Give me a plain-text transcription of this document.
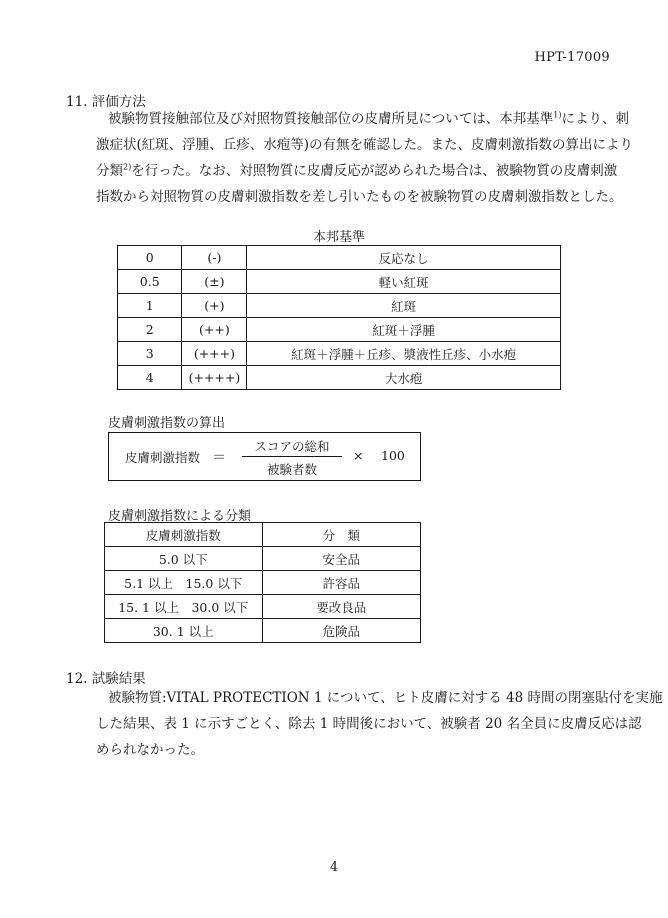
HPT-17009
11. 評価方法
被験物質接触部位及び対照物質接触部位の皮膚所見については、本邦基準$^{1)}$により、刺
激症状(紅斑、浮腫、丘疹、水疱等)の有無を確認した。また、皮膚刺激指数の算出により
分類$^{2)}$を行った。なお、対照物質に皮膚反応が認められた場合は、被験物質の皮膚刺激
指数から対照物質の皮膚刺激指数を差し引いたものを被験物質の皮膚刺激指数とした。
本邦基準
0	(-)	反応なし
0.5	(±)	軽い紅斑
1	(+)	紅斑
2	(++)	紅斑＋浮腫
3	(+++)	紅斑＋浮腫＋丘疹、漿液性丘疹、小水疱
4	(++++)	大水疱
皮膚刺激指数の算出
皮膚刺激指数 ＝
スコアの総和
被験者数
× 100
皮膚刺激指数による分類
皮膚刺激指数	分　類
5.0 以下	安全品
5.1 以上　15.0 以下	許容品
15. 1 以上　30.0 以下	要改良品
30. 1 以上	危険品
12. 試験結果
被験物質:VITAL PROTECTION 1 について、ヒト皮膚に対する 48 時間の閉塞貼付を実施
した結果、表 1 に示すごとく、除去 1 時間後において、被験者 20 名全員に皮膚反応は認
められなかった。
4
